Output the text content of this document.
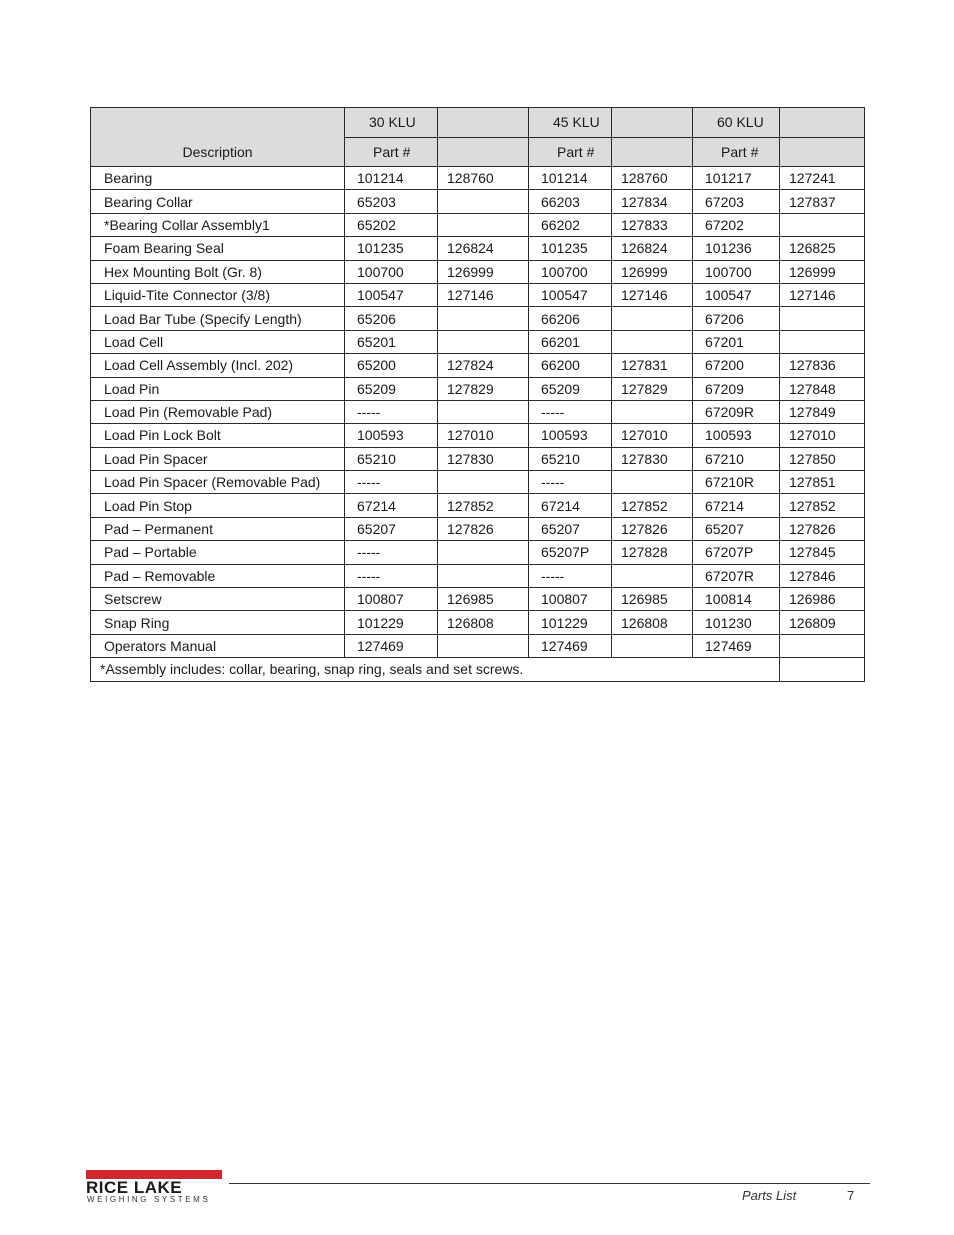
Description	30 KLU		45 KLU		60 KLU	
	Part #		Part #		Part #	
Bearing	101214	128760	101214	128760	101217	127241
Bearing Collar	65203		66203	127834	67203	127837
*Bearing Collar Assembly1	65202		66202	127833	67202	
Foam Bearing Seal	101235	126824	101235	126824	101236	126825
Hex Mounting Bolt (Gr. 8)	100700	126999	100700	126999	100700	126999
Liquid-Tite Connector (3/8)	100547	127146	100547	127146	100547	127146
Load Bar Tube (Specify Length)	65206		66206		67206	
Load Cell	65201		66201		67201	
Load Cell Assembly (Incl. 202)	65200	127824	66200	127831	67200	127836
Load Pin	65209	127829	65209	127829	67209	127848
Load Pin (Removable Pad)	-----		-----		67209R	127849
Load Pin Lock Bolt	100593	127010	100593	127010	100593	127010
Load Pin Spacer	65210	127830	65210	127830	67210	127850
Load Pin Spacer (Removable Pad)	-----		-----		67210R	127851
Load Pin Stop	67214	127852	67214	127852	67214	127852
Pad – Permanent	65207	127826	65207	127826	65207	127826
Pad – Portable	-----		65207P	127828	67207P	127845
Pad – Removable	-----		-----		67207R	127846
Setscrew	100807	126985	100807	126985	100814	126986
Snap Ring	101229	126808	101229	126808	101230	126809
Operators Manual	127469		127469		127469	
*Assembly includes: collar, bearing, snap ring, seals and set screws.						
RICE LAKE
WEIGHING SYSTEMS	Parts List	7
